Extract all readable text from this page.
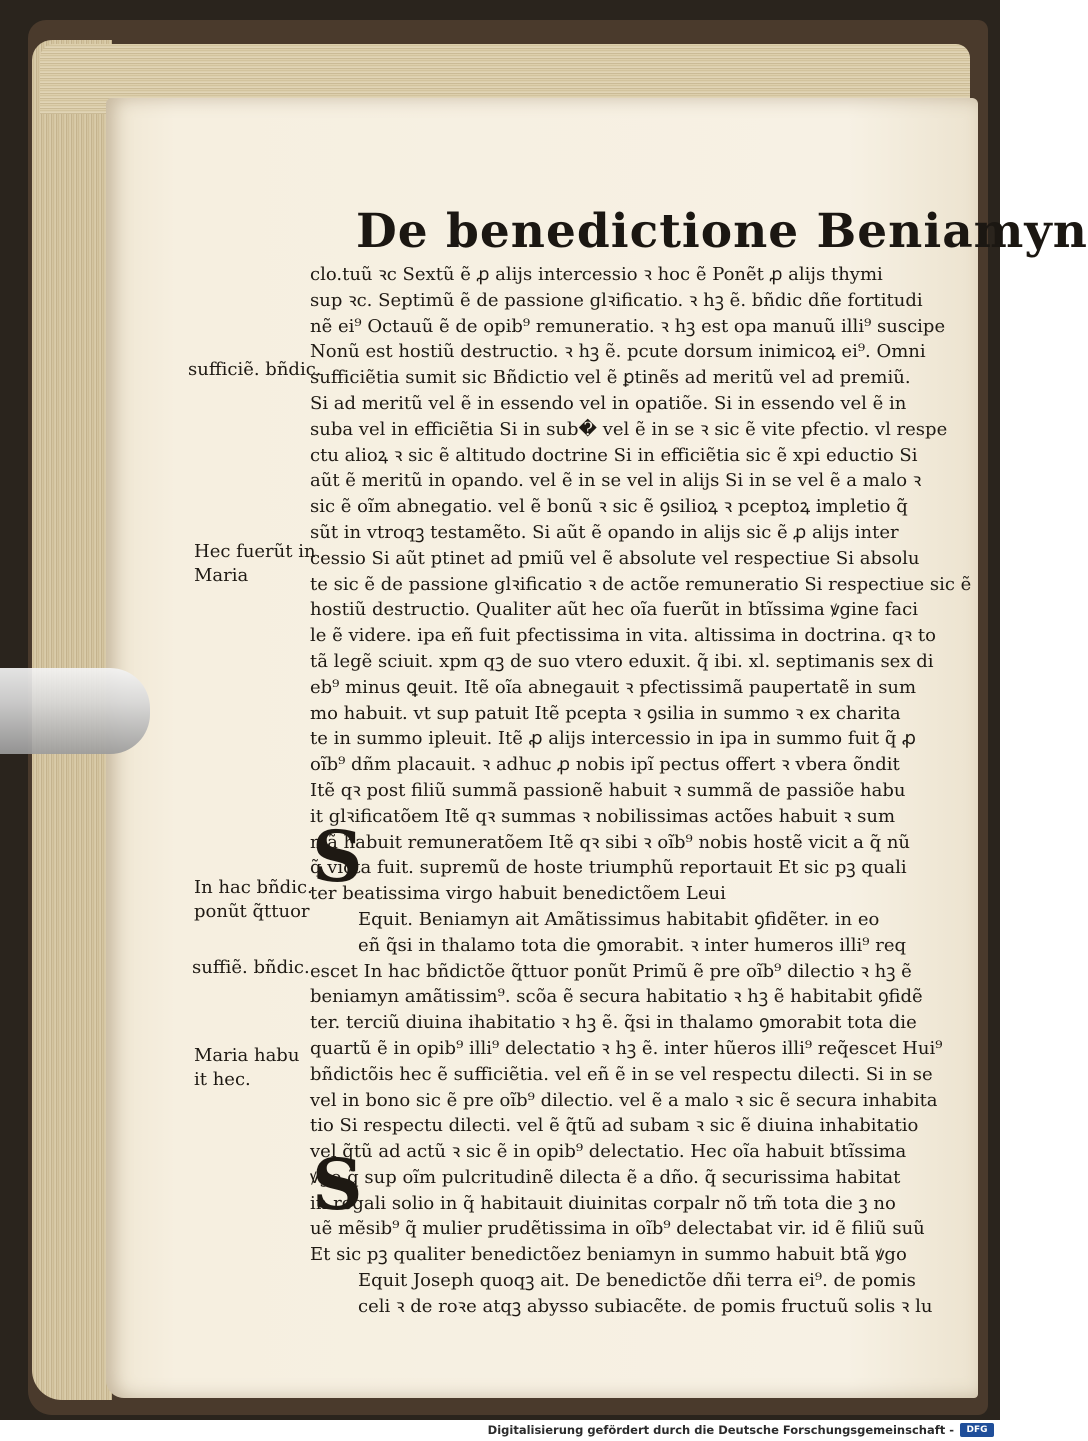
De benedictione Beniamyn
clo.tuũ ꝛc Sextũ ẽ ꝓ alijs intercessio ꝛ hoc ẽ Ponẽt ꝓ alijs thymi
sup ꝛc. Septimũ ẽ de passione glꝛificatio. ꝛ hꝫ ẽ. bñdic dñe fortitudi
nẽ ei⁹ Octauũ ẽ de opib⁹ remuneratio. ꝛ hꝫ est opa manuũ illi⁹ suscipe
Nonũ est hostiũ destructio. ꝛ hꝫ ẽ. pcute dorsum inimicoꝝ ei⁹. Omni
sufficiẽtia sumit sic Bñdictio vel ẽ ꝑtinẽs ad meritũ vel ad premiũ.
Si ad meritũ vel ẽ in essendo vel in opatiõe. Si in essendo vel ẽ in
suba vel in efficiẽtia Si in sub� vel ẽ in se ꝛ sic ẽ vite pfectio. vl respe
ctu alioꝝ ꝛ sic ẽ altitudo doctrine Si in efficiẽtia sic ẽ xpi eductio Si
aũt ẽ meritũ in opando. vel ẽ in se vel in alijs Si in se vel ẽ a malo ꝛ
sic ẽ oĩm abnegatio. vel ẽ bonũ ꝛ sic ẽ ꝯsilioꝝ ꝛ pceptoꝝ impletio q̃
sũt in vtroqꝫ testamẽto. Si aũt ẽ opando in alijs sic ẽ ꝓ alijs inter
cessio Si aũt ptinet ad pmiũ vel ẽ absolute vel respectiue Si absolu
te sic ẽ de passione glꝛificatio ꝛ de actõe remuneratio Si respectiue sic ẽ
hostiũ destructio. Qualiter aũt hec oĩa fuerũt in btĩssima ꝟgine faci
le ẽ videre. ipa eñ fuit pfectissima in vita. altissima in doctrina. qꝛ to
tã legẽ sciuit. xpm qꝫ de suo vtero eduxit. q̃ ibi. xl. septimanis sex di
eb⁹ minus ꝗeuit. Itẽ oĩa abnegauit ꝛ pfectissimã paupertatẽ in sum
mo habuit. vt sup patuit Itẽ pcepta ꝛ ꝯsilia in summo ꝛ ex charita
te in summo ipleuit. Itẽ ꝓ alijs intercessio in ipa in summo fuit q̃ ꝓ
oĩb⁹ dñm placauit. ꝛ adhuc ꝓ nobis ipĩ pectus offert ꝛ vbera õndit
Itẽ qꝛ post filiũ summã passionẽ habuit ꝛ summã de passiõe habu
it glꝛificatõem Itẽ qꝛ summas ꝛ nobilissimas actões habuit ꝛ sum
mã habuit remuneratõem Itẽ qꝛ sibi ꝛ oĩb⁹ nobis hostẽ vicit a q̃ nũ
q̃ victa fuit. supremũ de hoste triumphũ reportauit Et sic pꝫ quali
ter beatissima virgo habuit benedictõem Leui
Equit. Beniamyn ait Amãtissimus habitabit ꝯfidẽter. in eo
eñ q̃si in thalamo tota die ꝯmorabit. ꝛ inter humeros illi⁹ req
escet In hac bñdictõe q̃ttuor ponũt Primũ ẽ pre oĩb⁹ dilectio ꝛ hꝫ ẽ
beniamyn amãtissim⁹. scõa ẽ secura habitatio ꝛ hꝫ ẽ habitabit ꝯfidẽ
ter. terciũ diuina ihabitatio ꝛ hꝫ ẽ. q̃si in thalamo ꝯmorabit tota die
quartũ ẽ in opib⁹ illi⁹ delectatio ꝛ hꝫ ẽ. inter hũeros illi⁹ req̃escet Hui⁹
bñdictõis hec ẽ sufficiẽtia. vel eñ ẽ in se vel respectu dilecti. Si in se
vel in bono sic ẽ pre oĩb⁹ dilectio. vel ẽ a malo ꝛ sic ẽ secura inhabita
tio Si respectu dilecti. vel ẽ q̃tũ ad subam ꝛ sic ẽ diuina inhabitatio
vel q̃tũ ad actũ ꝛ sic ẽ in opib⁹ delectatio. Hec oĩa habuit btĩssima
ꝟgo q̃ sup oĩm pulcritudinẽ dilecta ẽ a dño. q̃ securissima habitat
in regali solio in q̃ habitauit diuinitas corpalr nõ tm̃ tota die ꝫ no
uẽ mẽsib⁹ q̃ mulier prudẽtissima in oĩb⁹ delectabat vir. id ẽ filiũ suũ
Et sic pꝫ qualiter benedictõez beniamyn in summo habuit btã ꝟgo
Equit Joseph quoqꝫ ait. De benedictõe dñi terra ei⁹. de pomis
celi ꝛ de roꝛe atqꝫ abysso subiacẽte. de pomis fructuũ solis ꝛ lu
S
S
sufficiẽ. bñdic.
Hec fuerũt in
Maria
In hac bñdic.
ponũt q̃ttuor
suffiẽ. bñdic.
Maria habu
it hec.
Digitalisierung gefördert durch die Deutsche Forschungsgemeinschaft -	DFG
